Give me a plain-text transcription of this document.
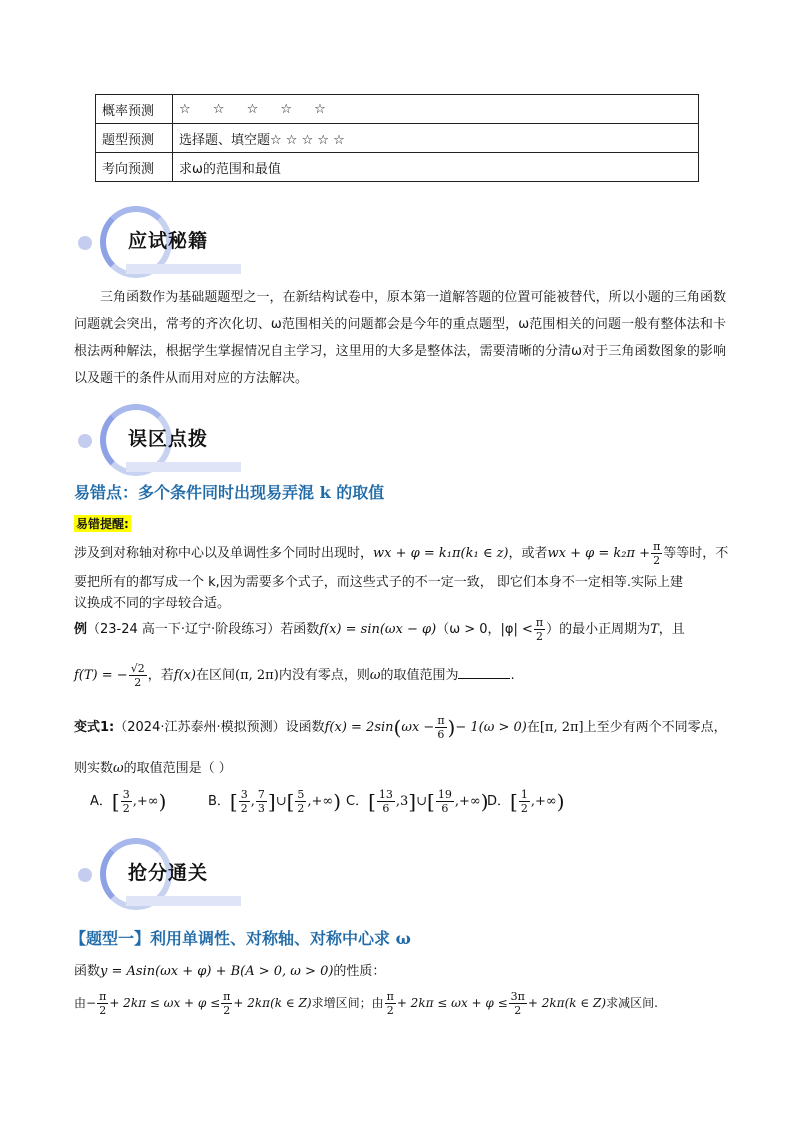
概率预测	☆ ☆ ☆ ☆ ☆
题型预测	选择题、填空题☆ ☆ ☆ ☆ ☆
考向预测	求ω的范围和最值
应试秘籍
三角函数作为基础题题型之一，在新结构试卷中，原本第一道解答题的位置可能被替代，所以小题的三角函数问题就会突出，常考的齐次化切、ω范围相关的问题都会是今年的重点题型，ω范围相关的问题一般有整体法和卡根法两种解法，根据学生掌握情况自主学习，这里用的大多是整体法，需要清晰的分清ω对于三角函数图象的影响以及题干的条件从而用对应的方法解决。
误区点拨
易错点：多个条件同时出现易弄混 k 的取值
易错提醒:
涉及到对称轴对称中心以及单调性多个同时出现时，wx + φ = k₁π(k₁ ∈ z)，或者wx + $\varphi = k_2\pi + \frac{\pi}{2}$ 等等时，不
要把所有的都写成一个 k,因为需要多个式子，而这些式子的不一定一致， 即它们本身不一定相等.实际上建
议换成不同的字母较合适。
例（23-24 高一下·辽宁·阶段练习）若函数f(x) = sin(ωx − φ)（ω > 0，$|\varphi| < \frac{\pi}{2}$ ）的最小正周期为T，且
f(T) = − $\frac{√2}{2}$ ，若f(x)在区间(π, 2π)内没有零点，则ω的取值范围为	.
变式1:（2024·江苏泰州·模拟预测）设函数$f(x) = 2\sin(\omega x - \frac{\pi}{6}$ )− 1(ω > 0)在[π, 2π]上至少有两个不同零点，
则实数ω的取值范围是（ ）
A．[ $\frac{3}{2}$ ,+∞)	B．[ $\frac{3}{2}$ , $\frac{7}{3}$ ]∪[ $\frac{5}{2}$ ,+∞) C．[ $\frac{13}{6}$ ,3]∪[ $\frac{19}{6}$ ,+∞)
D．[ $\frac{1}{2}$ ,+∞)
抢分通关
【题型一】利用单调性、对称轴、对称中心求 ω
函数y = Asin(ωx + φ) + B(A > 0, ω > 0)的性质：
由− $\frac{\pi}{2} + 2k\pi \le \omega x + \varphi \le \frac{\pi}{2} + 2k\pi(k$ ∈ Z)求增区间；由 $\frac{\pi}{2} + 2k\pi \le \omega x + \varphi \le \frac{3\pi}{2} + 2k\pi(k$ ∈ Z)求减区间.
